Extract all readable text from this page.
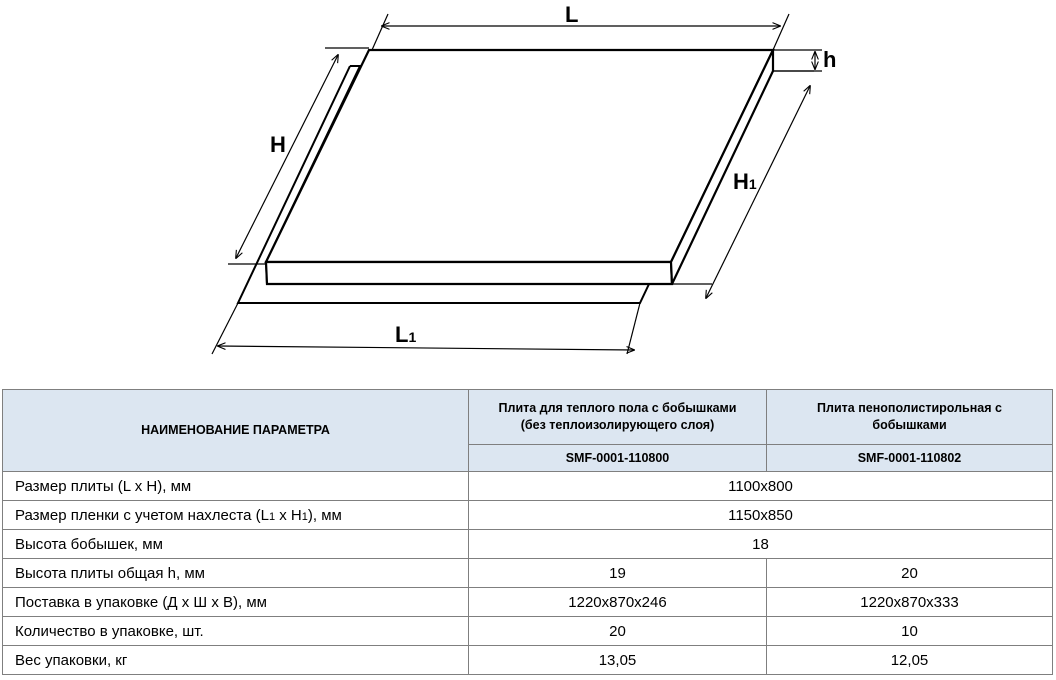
L
h
H
H1
L1
НАИМЕНОВАНИЕ ПАРАМЕТРА	Плита для теплого пола с бобышками (без теплоизолирующего слоя)	Плита пенополистирольная с бобышками
	SMF-0001-110800	SMF-0001-110802
Размер плиты (L x H), мм	1100x800	
Размер пленки с учетом нахлеста (L1 x H1), мм	1150x850	
Высота бобышек, мм	18	
Высота плиты общая h, мм	19	20
Поставка в упаковке (Д х Ш х В), мм	1220x870x246	1220x870x333
Количество в упаковке, шт.	20	10
Вес упаковки, кг	13,05	12,05
